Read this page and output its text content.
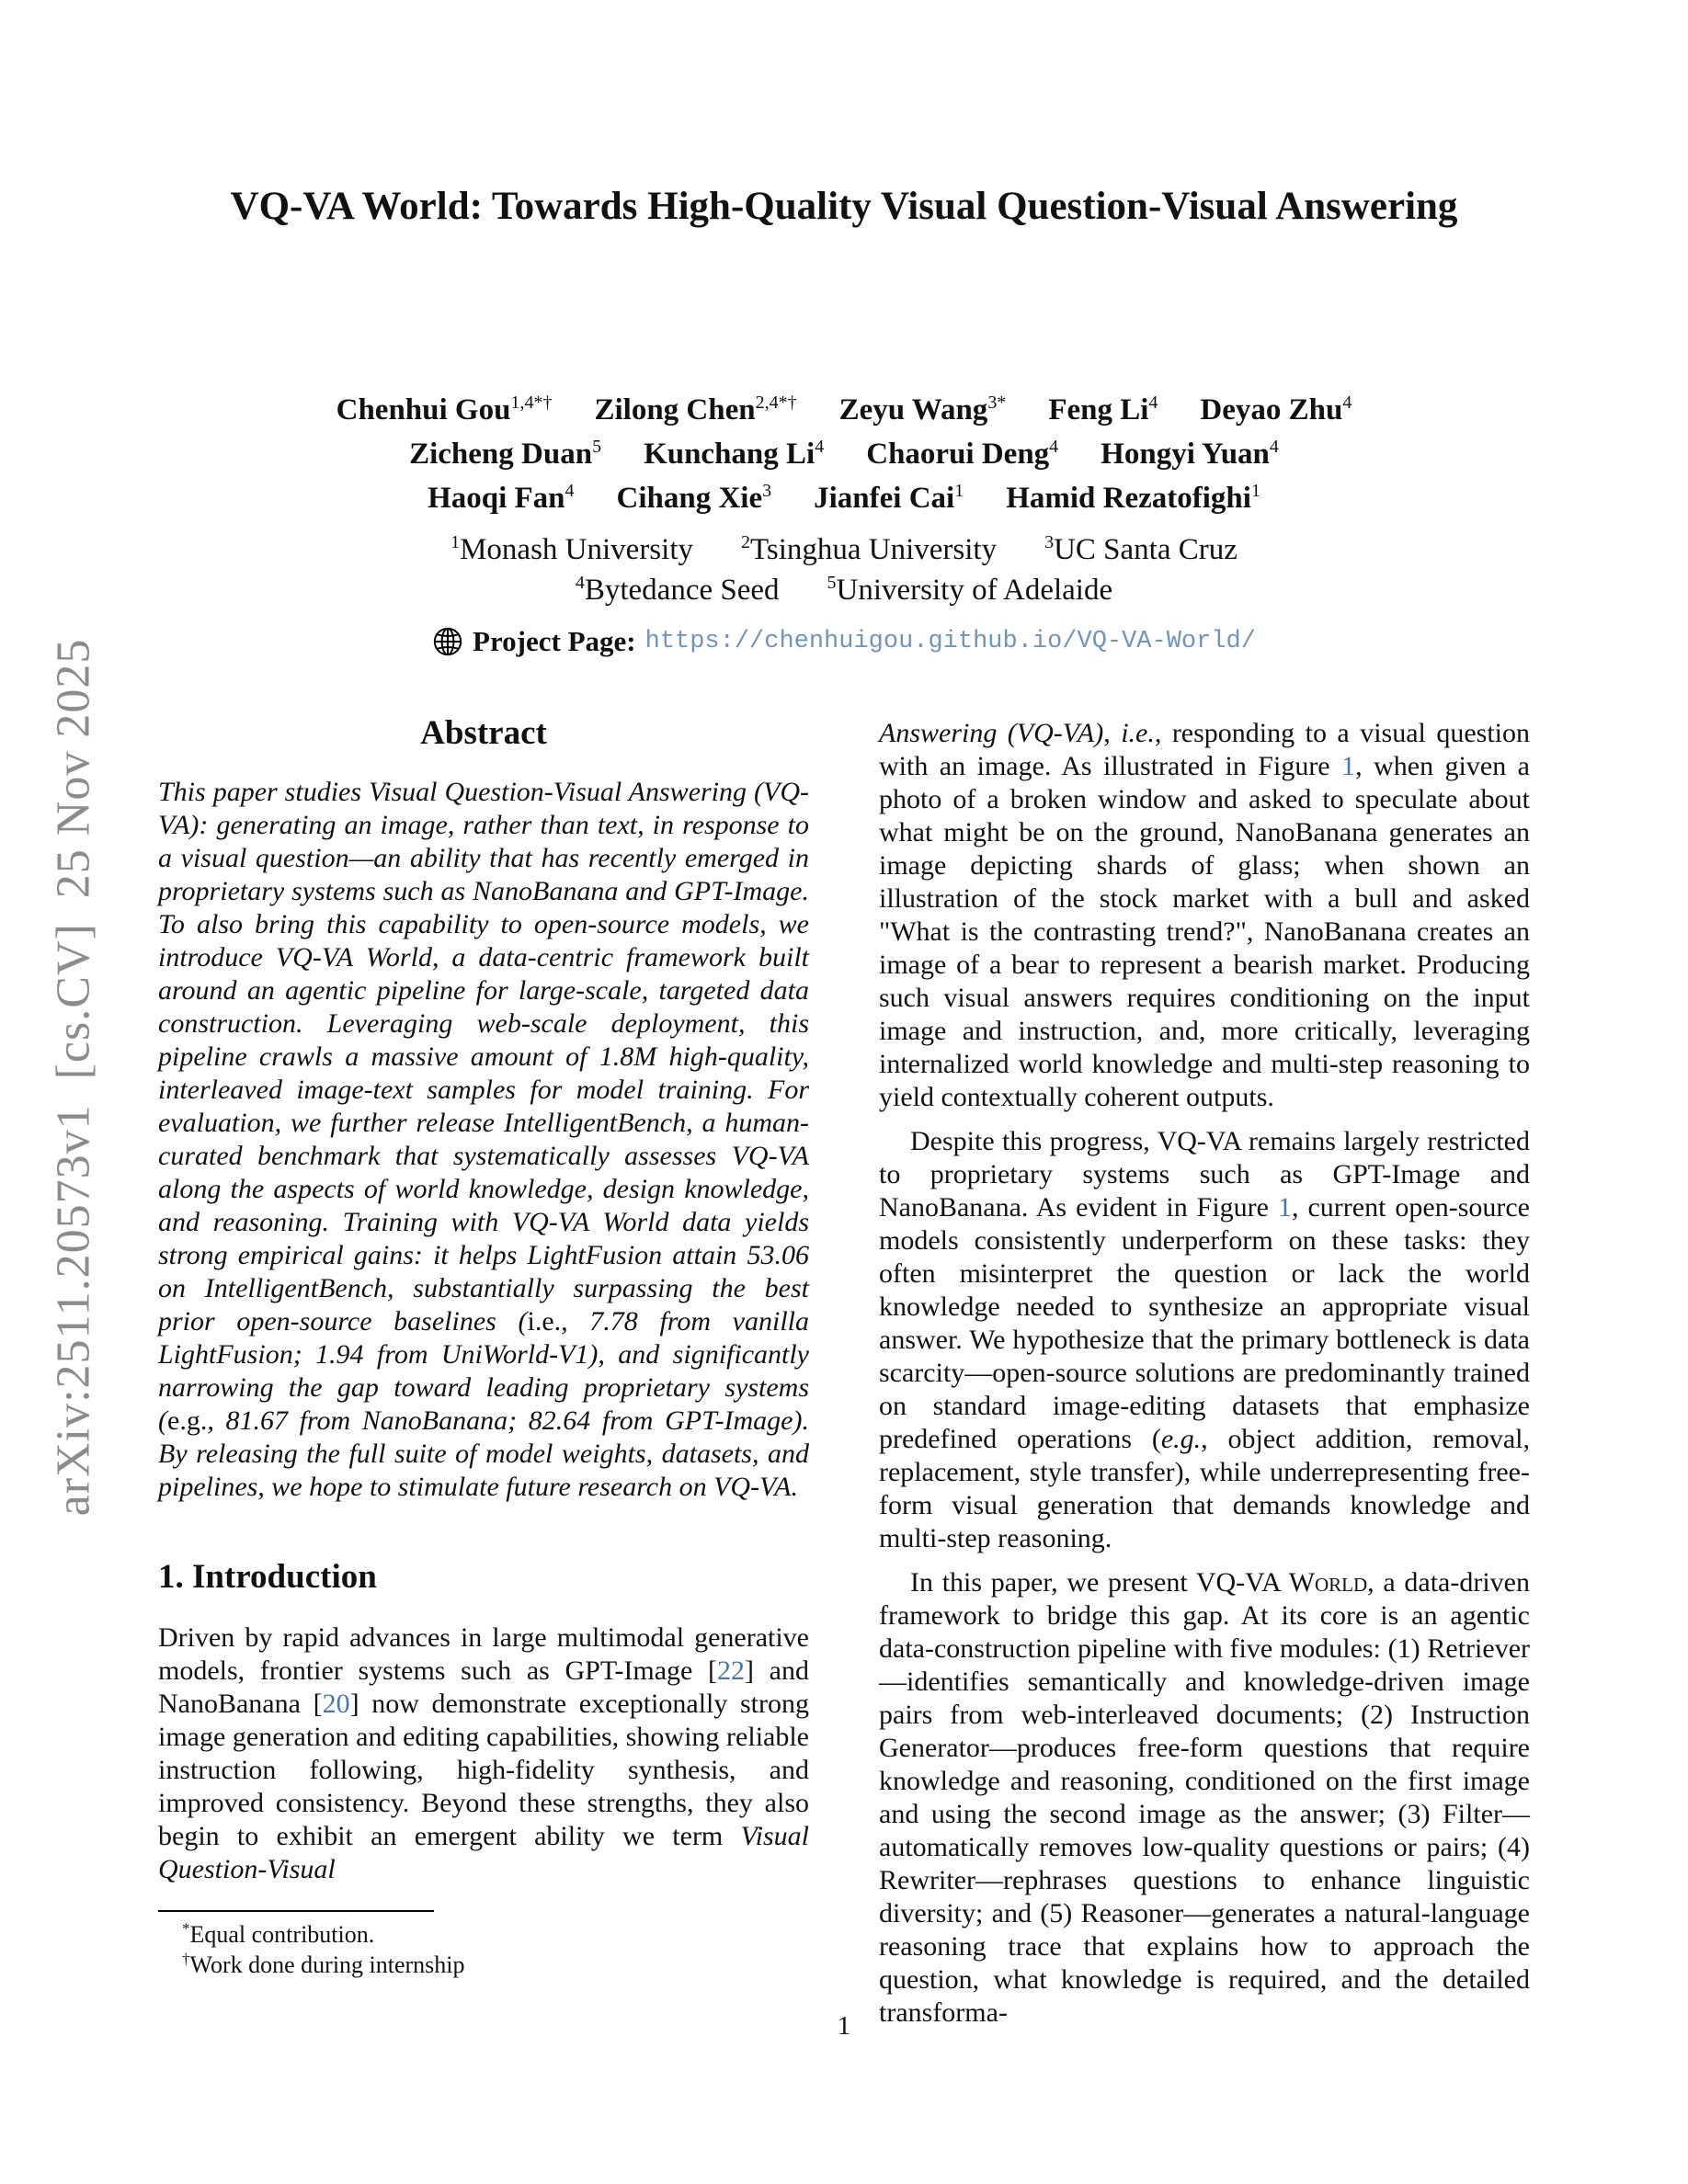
arXiv:2511.20573v1 [cs.CV] 25 Nov 2025
VQ-VA World: Towards High-Quality Visual Question-Visual Answering
Chenhui Gou$^{1,4*\dagger}$ Zilong Chen$^{2,4*\dagger}$ Zeyu Wang$^{3*}$ Feng Li$^4$ Deyao Zhu$^4$
Zicheng Duan$^5$ Kunchang Li$^4$ Chaorui Deng$^4$ Hongyi Yuan$^4$
Haoqi Fan$^4$ Cihang Xie$^3$ Jianfei Cai$^1$ Hamid Rezatofighi$^1$
$^1$Monash University	$^2$Tsinghua University	$^3$UC Santa Cruz
$^4$Bytedance Seed	$^5$University of Adelaide
Project Page: https://chenhuigou.github.io/VQ-VA-World/
Abstract

This paper studies Visual Question-Visual Answering (VQ-VA): generating an image, rather than text, in response to a visual question—an ability that has recently emerged in proprietary systems such as NanoBanana and GPT-Image. To also bring this capability to open-source models, we introduce VQ-VA World, a data-centric framework built around an agentic pipeline for large-scale, targeted data construction. Leveraging web-scale deployment, this pipeline crawls a massive amount of 1.8M high-quality, interleaved image-text samples for model training. For evaluation, we further release IntelligentBench, a human-curated benchmark that systematically assesses VQ-VA along the aspects of world knowledge, design knowledge, and reasoning. Training with VQ-VA World data yields strong empirical gains: it helps LightFusion attain 53.06 on IntelligentBench, substantially surpassing the best prior open-source baselines (i.e., 7.78 from vanilla LightFusion; 1.94 from UniWorld-V1), and significantly narrowing the gap toward leading proprietary systems (e.g., 81.67 from NanoBanana; 82.64 from GPT-Image). By releasing the full suite of model weights, datasets, and pipelines, we hope to stimulate future research on VQ-VA.

1. Introduction

Driven by rapid advances in large multimodal generative models, frontier systems such as GPT-Image [22] and NanoBanana [20] now demonstrate exceptionally strong image generation and editing capabilities, showing reliable instruction following, high-fidelity synthesis, and improved consistency. Beyond these strengths, they also begin to exhibit an emergent ability we term Visual Question-Visual

Answering (VQ-VA), i.e., responding to a visual question with an image. As illustrated in Figure 1, when given a photo of a broken window and asked to speculate about what might be on the ground, NanoBanana generates an image depicting shards of glass; when shown an illustration of the stock market with a bull and asked "What is the contrasting trend?", NanoBanana creates an image of a bear to represent a bearish market. Producing such visual answers requires conditioning on the input image and instruction, and, more critically, leveraging internalized world knowledge and multi-step reasoning to yield contextually coherent outputs.

Despite this progress, VQ-VA remains largely restricted to proprietary systems such as GPT-Image and NanoBanana. As evident in Figure 1, current open-source models consistently underperform on these tasks: they often misinterpret the question or lack the world knowledge needed to synthesize an appropriate visual answer. We hypothesize that the primary bottleneck is data scarcity—open-source solutions are predominantly trained on standard image-editing datasets that emphasize predefined operations (e.g., object addition, removal, replacement, style transfer), while underrepresenting free-form visual generation that demands knowledge and multi-step reasoning.

In this paper, we present VQ-VA World, a data-driven framework to bridge this gap. At its core is an agentic data-construction pipeline with five modules: (1) Retriever—identifies semantically and knowledge-driven image pairs from web-interleaved documents; (2) Instruction Generator—produces free-form questions that require knowledge and reasoning, conditioned on the first image and using the second image as the answer; (3) Filter—automatically removes low-quality questions or pairs; (4) Rewriter—rephrases questions to enhance linguistic diversity; and (5) Reasoner—generates a natural-language reasoning trace that explains how to approach the question, what knowledge is required, and the detailed transforma-

*Equal contribution.
†Work done during internship
1
